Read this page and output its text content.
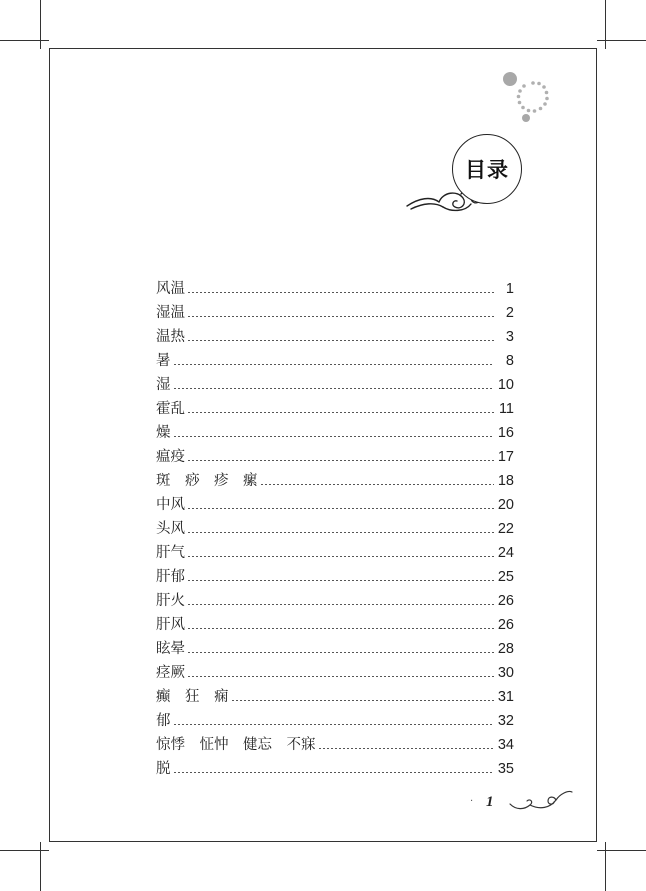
目录
风温	1
湿温	2
温热	3
暑	8
湿	10
霍乱	11
燥	16
瘟疫	17
斑　痧　疹　瘰	18
中风	20
头风	22
肝气	24
肝郁	25
肝火	26
肝风	26
眩晕	28
痉厥	30
癫　狂　痫	31
郁	32
惊悸　怔忡　健忘　不寐	34
脱	35
· 1
